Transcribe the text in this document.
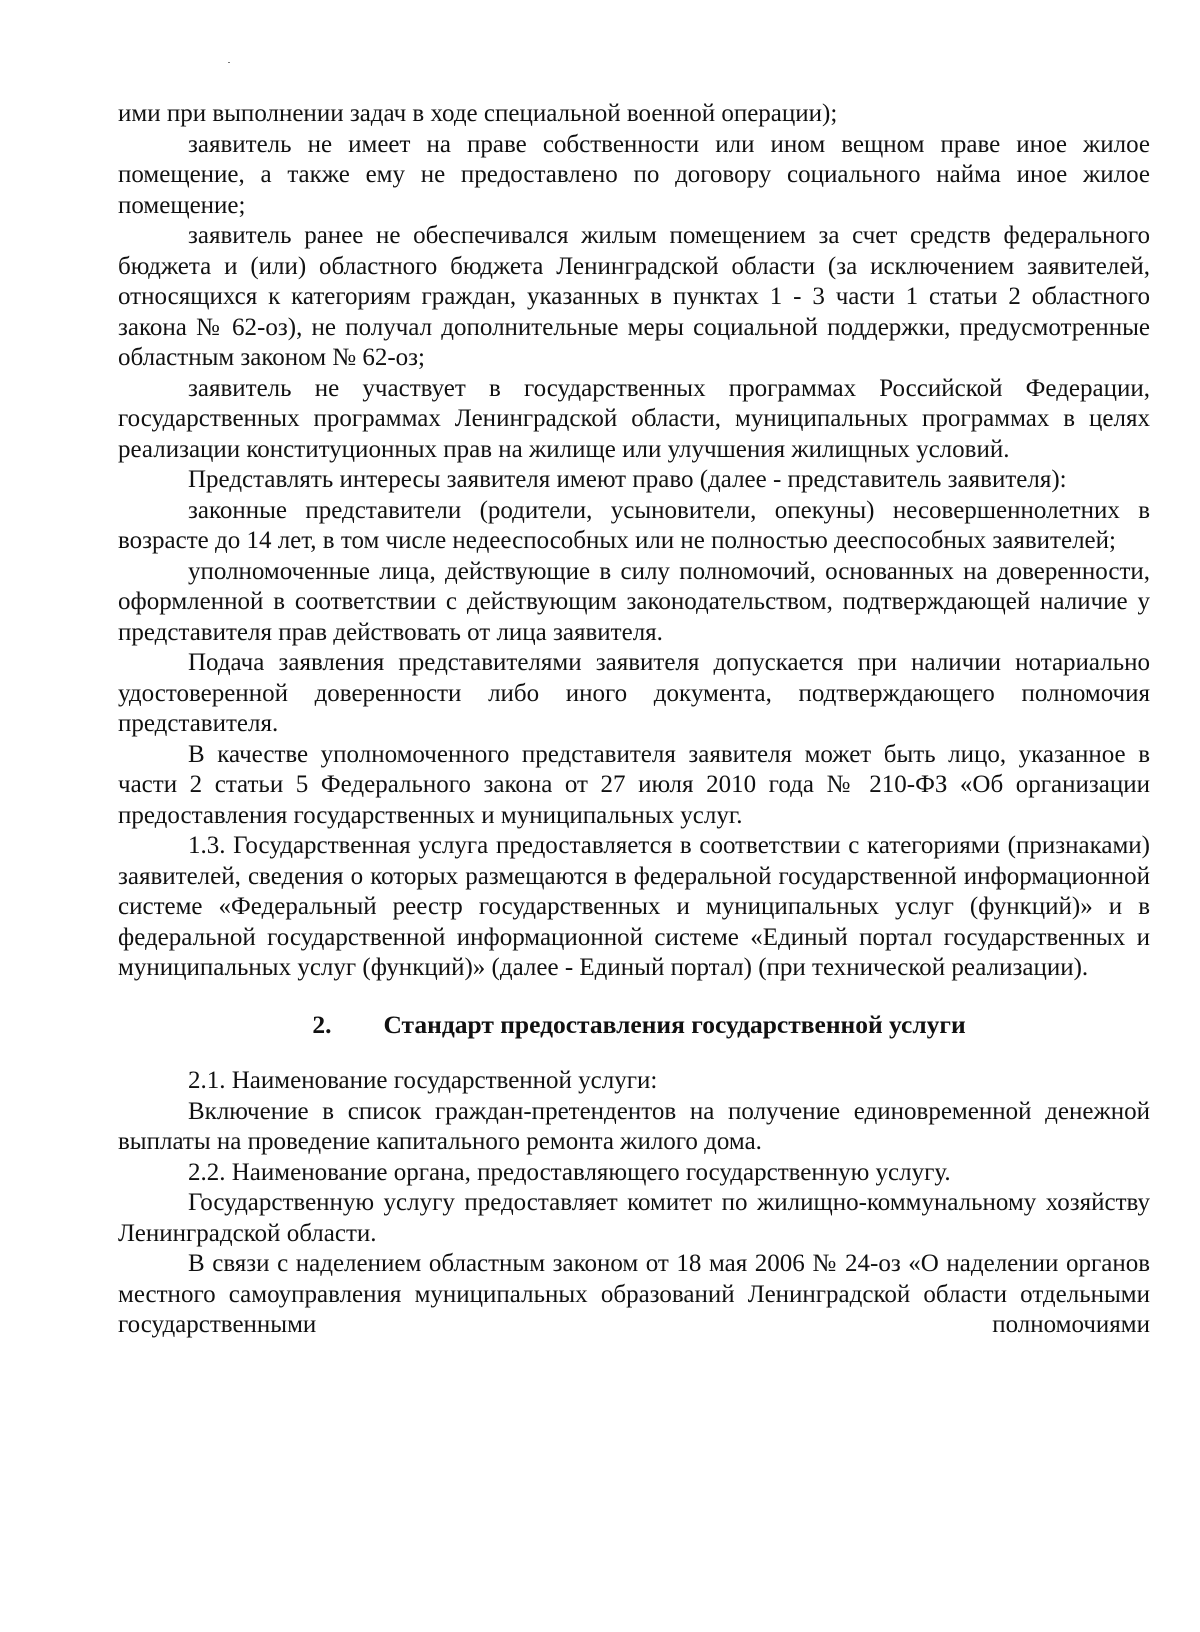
ими при выполнении задач в ходе специальной военной операции);

заявитель не имеет на праве собственности или ином вещном праве иное жилое помещение, а также ему не предоставлено по договору социального найма иное жилое помещение;

заявитель ранее не обеспечивался жилым помещением за счет средств федерального бюджета и (или) областного бюджета Ленинградской области (за исключением заявителей, относящихся к категориям граждан, указанных в пунктах 1 - 3 части 1 статьи 2 областного закона № 62-оз), не получал дополнительные меры социальной поддержки, предусмотренные областным законом № 62-оз;

заявитель не участвует в государственных программах Российской Федерации, государственных программах Ленинградской области, муниципальных программах в целях реализации конституционных прав на жилище или улучшения жилищных условий.

Представлять интересы заявителя имеют право (далее - представитель заявителя):

законные представители (родители, усыновители, опекуны) несовершеннолетних в возрасте до 14 лет, в том числе недееспособных или не полностью дееспособных заявителей;

уполномоченные лица, действующие в силу полномочий, основанных на доверенности, оформленной в соответствии с действующим законодательством, подтверждающей наличие у представителя прав действовать от лица заявителя.

Подача заявления представителями заявителя допускается при наличии нотариально удостоверенной доверенности либо иного документа, подтверждающего полномочия представителя.

В качестве уполномоченного представителя заявителя может быть лицо, указанное в части 2 статьи 5 Федерального закона от 27 июля 2010 года № 210-ФЗ «Об организации предоставления государственных и муниципальных услуг.

1.3. Государственная услуга предоставляется в соответствии с категориями (признаками) заявителей, сведения о которых размещаются в федеральной государственной информационной системе «Федеральный реестр государственных и муниципальных услуг (функций)» и в федеральной государственной информационной системе «Единый портал государственных и муниципальных услуг (функций)» (далее - Единый портал) (при технической реализации).

2. Стандарт предоставления государственной услуги

2.1. Наименование государственной услуги:

Включение в список граждан-претендентов на получение единовременной денежной выплаты на проведение капитального ремонта жилого дома.

2.2. Наименование органа, предоставляющего государственную услугу.

Государственную услугу предоставляет комитет по жилищно-коммунальному хозяйству Ленинградской области.

В связи с наделением областным законом от 18 мая 2006 № 24-оз «О наделении органов местного самоуправления муниципальных образований Ленинградской области отдельными государственными полномочиями
